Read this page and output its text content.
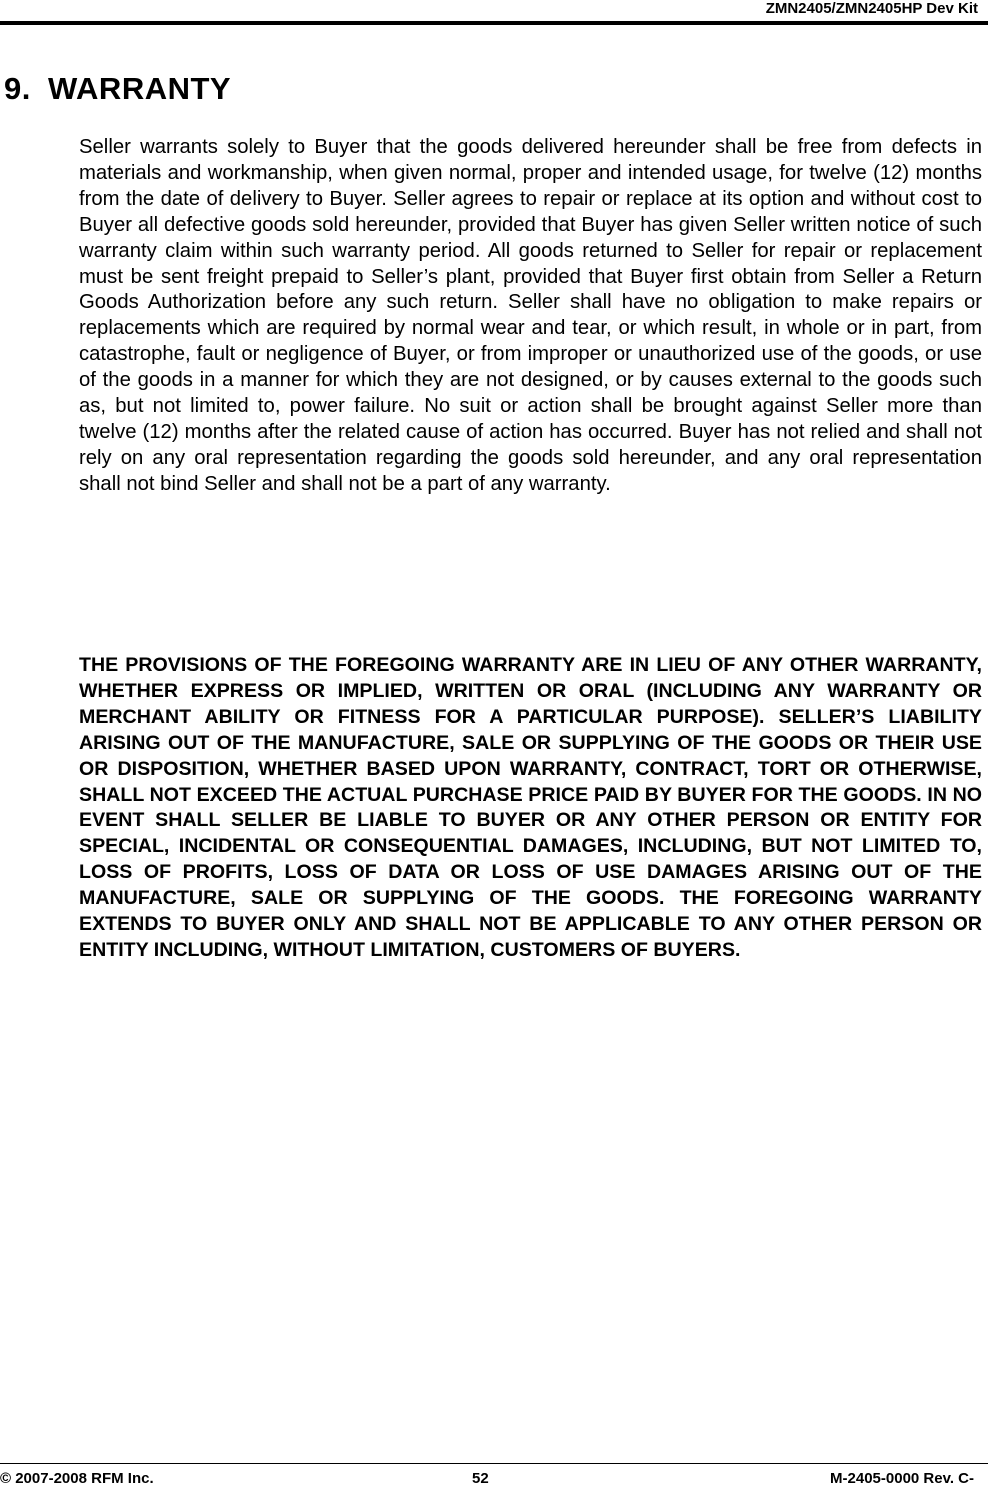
ZMN2405/ZMN2405HP Dev Kit
9. WARRANTY

Seller warrants solely to Buyer that the goods delivered hereunder shall be free from defects in materials and workmanship, when given normal, proper and intended usage, for twelve (12) months from the date of delivery to Buyer. Seller agrees to repair or replace at its option and without cost to Buyer all defective goods sold hereunder, provided that Buyer has given Seller written notice of such warranty claim within such warranty period. All goods returned to Seller for repair or replacement must be sent freight prepaid to Seller’s plant, provided that Buyer first obtain from Seller a Return Goods Authorization before any such return. Seller shall have no obligation to make repairs or replacements which are required by normal wear and tear, or which result, in whole or in part, from catastrophe, fault or negligence of Buyer, or from improper or unauthorized use of the goods, or use of the goods in a manner for which they are not designed, or by causes external to the goods such as, but not limited to, power failure. No suit or action shall be brought against Seller more than twelve (12) months after the related cause of action has occurred. Buyer has not relied and shall not rely on any oral representation regarding the goods sold hereunder, and any oral representation shall not bind Seller and shall not be a part of any warranty.

THE PROVISIONS OF THE FOREGOING WARRANTY ARE IN LIEU OF ANY OTHER WARRANTY, WHETHER EXPRESS OR IMPLIED, WRITTEN OR ORAL (INCLUDING ANY WARRANTY OR MERCHANT ABILITY OR FITNESS FOR A PARTICULAR PURPOSE). SELLER’S LIABILITY ARISING OUT OF THE MANUFACTURE, SALE OR SUPPLYING OF THE GOODS OR THEIR USE OR DISPOSITION, WHETHER BASED UPON WARRANTY, CONTRACT, TORT OR OTHERWISE, SHALL NOT EXCEED THE ACTUAL PURCHASE PRICE PAID BY BUYER FOR THE GOODS. IN NO EVENT SHALL SELLER BE LIABLE TO BUYER OR ANY OTHER PERSON OR ENTITY FOR SPECIAL, INCIDENTAL OR CONSEQUENTIAL DAMAGES, INCLUDING, BUT NOT LIMITED TO, LOSS OF PROFITS, LOSS OF DATA OR LOSS OF USE DAMAGES ARISING OUT OF THE MANUFACTURE, SALE OR SUPPLYING OF THE GOODS. THE FOREGOING WARRANTY EXTENDS TO BUYER ONLY AND SHALL NOT BE APPLICABLE TO ANY OTHER PERSON OR ENTITY INCLUDING, WITHOUT LIMITATION, CUSTOMERS OF BUYERS.

© 2007-2008 RFM Inc.	52	M-2405-0000 Rev. C-
